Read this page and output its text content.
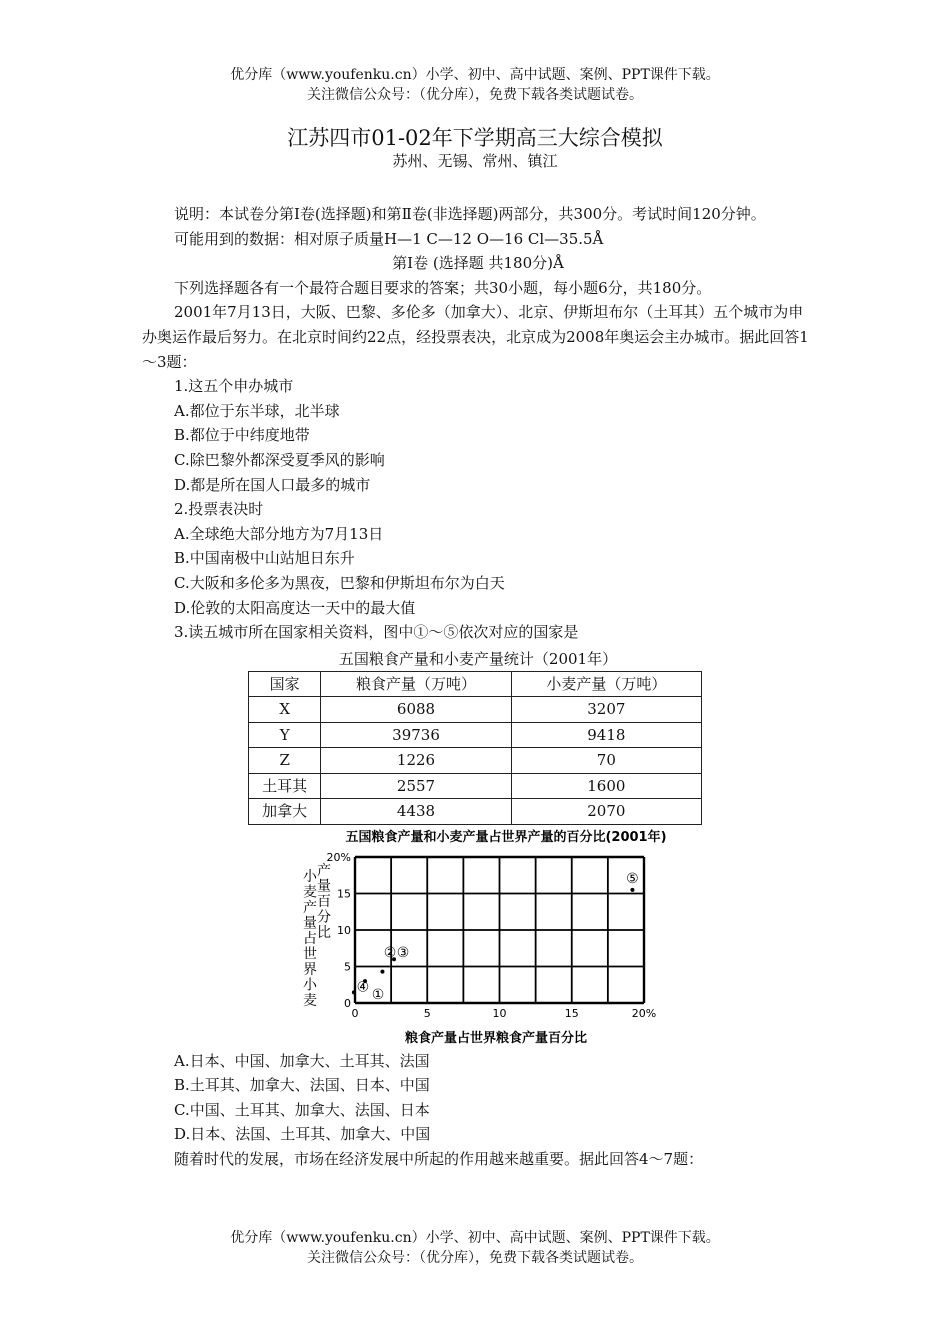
优分库（www.youfenku.cn）小学、初中、高中试题、案例、PPT课件下载。
关注微信公众号：（优分库），免费下载各类试题试卷。
江苏四市01-02年下学期高三大综合模拟
苏州、无锡、常州、镇江

说明：本试卷分第Ⅰ卷(选择题)和第Ⅱ卷(非选择题)两部分，共300分。考试时间120分钟。

可能用到的数据：相对原子质量H—1 C—12 O—16 Cl—35.5Å

第Ⅰ卷 (选择题 共180分)Å

下列选择题各有一个最符合题目要求的答案；共30小题，每小题6分，共180分。

2001年7月13日，大阪、巴黎、多伦多（加拿大）、北京、伊斯坦布尔（土耳其）五个城市为申办奥运作最后努力。在北京时间约22点，经投票表决，北京成为2008年奥运会主办城市。据此回答1～3题：

1.这五个申办城市

A.都位于东半球，北半球

B.都位于中纬度地带

C.除巴黎外都深受夏季风的影响

D.都是所在国人口最多的城市

2.投票表决时

A.全球绝大部分地方为7月13日

B.中国南极中山站旭日东升

C.大阪和多伦多为黑夜，巴黎和伊斯坦布尔为白天

D.伦敦的太阳高度达一天中的最大值

3.读五城市所在国家相关资料，图中①～⑤依次对应的国家是

五国粮食产量和小麦产量统计（2001年）
国家	粮食产量（万吨）	小麦产量（万吨）
X	6088	3207
Y	39736	9418
Z	1226	70
土耳其	2557	1600
加拿大	4438	2070
五国粮食产量和小麦产量占世界产量的百分比(2001年)
0	5	10	15	20%
0
5
10
15
20%
①
② ③
④
⑤
小
麦
产
量
占
世
界
小
麦
产
量
百
分
比
粮食产量占世界粮食产量百分比

A.日本、中国、加拿大、土耳其、法国

B.土耳其、加拿大、法国、日本、中国

C.中国、土耳其、加拿大、法国、日本

D.日本、法国、土耳其、加拿大、中国

随着时代的发展，市场在经济发展中所起的作用越来越重要。据此回答4～7题：

优分库（www.youfenku.cn）小学、初中、高中试题、案例、PPT课件下载。
关注微信公众号：（优分库），免费下载各类试题试卷。
